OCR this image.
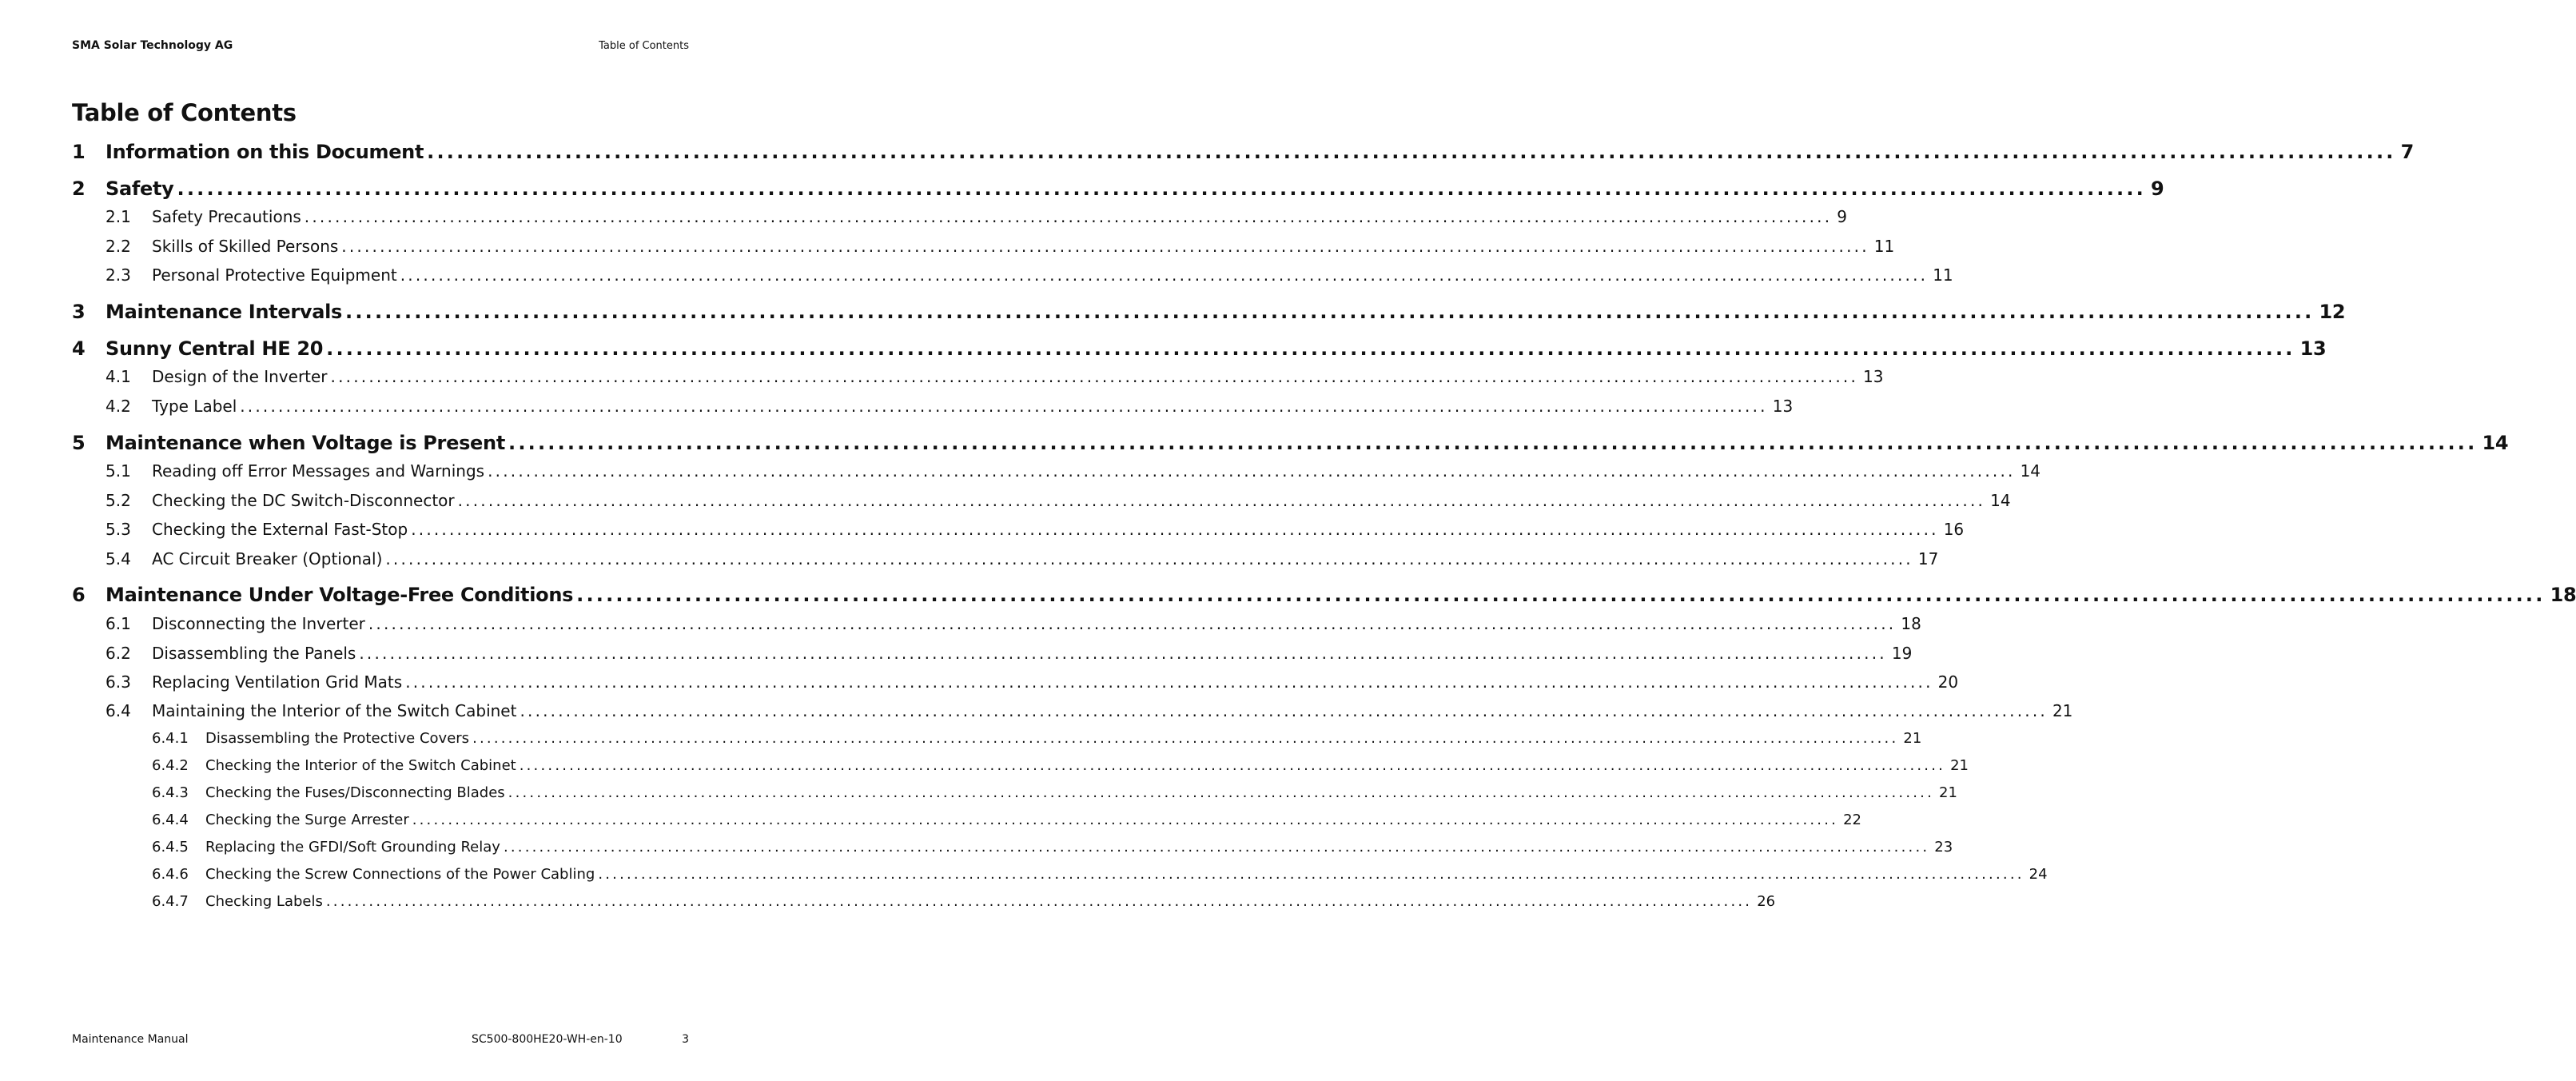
SMA Solar Technology AG	Table of Contents
Table of Contents
1	Information on this Document ........................................................................................................................................................................................................ 7
2	Safety ........................................................................................................................................................................................................ 9
2.1	Safety Precautions ........................................................................................................................................................................................................ 9
2.2	Skills of Skilled Persons ........................................................................................................................................................................................................ 11
2.3	Personal Protective Equipment ........................................................................................................................................................................................................ 11
3	Maintenance Intervals ........................................................................................................................................................................................................ 12
4	Sunny Central HE 20 ........................................................................................................................................................................................................ 13
4.1	Design of the Inverter ........................................................................................................................................................................................................ 13
4.2	Type Label ........................................................................................................................................................................................................ 13
5	Maintenance when Voltage is Present ........................................................................................................................................................................................................ 14
5.1	Reading off Error Messages and Warnings ........................................................................................................................................................................................................ 14
5.2	Checking the DC Switch-Disconnector ........................................................................................................................................................................................................ 14
5.3	Checking the External Fast-Stop ........................................................................................................................................................................................................ 16
5.4	AC Circuit Breaker (Optional) ........................................................................................................................................................................................................ 17
6	Maintenance Under Voltage-Free Conditions ........................................................................................................................................................................................................ 18
6.1	Disconnecting the Inverter ........................................................................................................................................................................................................ 18
6.2	Disassembling the Panels ........................................................................................................................................................................................................ 19
6.3	Replacing Ventilation Grid Mats ........................................................................................................................................................................................................ 20
6.4	Maintaining the Interior of the Switch Cabinet ........................................................................................................................................................................................................ 21
6.4.1	Disassembling the Protective Covers ........................................................................................................................................................................................................ 21
6.4.2	Checking the Interior of the Switch Cabinet ........................................................................................................................................................................................................ 21
6.4.3	Checking the Fuses/Disconnecting Blades ........................................................................................................................................................................................................ 21
6.4.4	Checking the Surge Arrester ........................................................................................................................................................................................................ 22
6.4.5	Replacing the GFDI/Soft Grounding Relay ........................................................................................................................................................................................................ 23
6.4.6	Checking the Screw Connections of the Power Cabling ........................................................................................................................................................................................................ 24
6.4.7	Checking Labels ........................................................................................................................................................................................................ 26
Maintenance Manual	SC500-800HE20-WH-en-10	3
